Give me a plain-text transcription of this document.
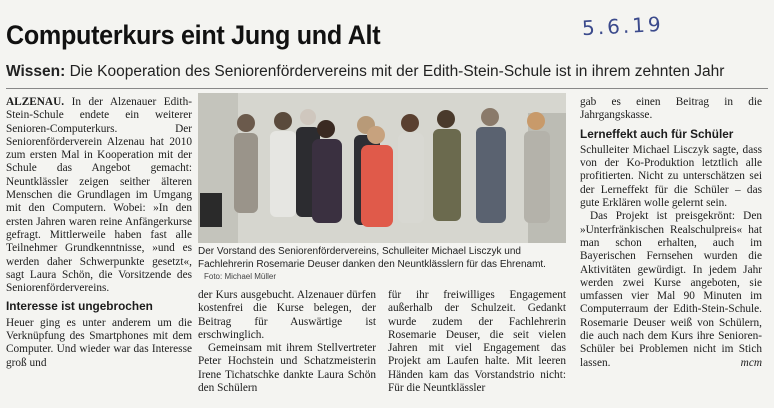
5.6.19
Computerkurs eint Jung und Alt
Wissen: Die Kooperation des Seniorenfördervereins mit der Edith-Stein-Schule ist in ihrem zehnten Jahr

ALZENAU. In der Alzenauer Edith-Stein-Schule endete ein weiterer Senioren-Computerkurs. Der Seniorenförderverein Alzenau hat 2010 zum ersten Mal in Kooperation mit der Schule das Angebot gemacht: Neuntklässler zeigen seither älteren Menschen die Grundlagen im Umgang mit den Computern. Wobei: »In den ersten Jahren waren reine Anfängerkurse gefragt. Mittlerweile haben fast alle Teilnehmer Grundkenntnisse, »und es werden daher Schwerpunkte gesetzt«, sagt Laura Schön, die Vorsitzende des Seniorenfördervereins.

Interesse ist ungebrochen

Heuer ging es unter anderem um die Verknüpfung des Smartphones mit dem Computer. Und wieder war das Interesse groß und

Der Vorstand des Seniorenfördervereins, Schulleiter Michael Lisczyk und Fachlehrerin Rosemarie Deuser danken den Neuntklässlern für das Ehrenamt. Foto: Michael Müller

der Kurs ausgebucht. Alzenauer dürfen kostenfrei die Kurse belegen, der Beitrag für Auswärtige ist erschwinglich.

Gemeinsam mit ihrem Stellvertreter Peter Hochstein und Schatzmeisterin Irene Tichatschke dankte Laura Schön den Schülern

für ihr freiwilliges Engagement außerhalb der Schulzeit. Gedankt wurde zudem der Fachlehrerin Rosemarie Deuser, die seit vielen Jahren mit viel Engagement das Projekt am Laufen halte. Mit leeren Händen kam das Vorstandstrio nicht: Für die Neuntklässler

gab es einen Beitrag in die Jahrgangskasse.

Lerneffekt auch für Schüler

Schulleiter Michael Lisczyk sagte, dass von der Ko-Produktion letztlich alle profitierten. Nicht zu unterschätzen sei der Lerneffekt für die Schüler – das gute Erklären wolle gelernt sein.

Das Projekt ist preisgekrönt: Den »Unterfränkischen Realschulpreis« hat man schon erhalten, auch im Bayerischen Fernsehen wurden die Aktivitäten gewürdigt. In jedem Jahr werden zwei Kurse angeboten, sie umfassen vier Mal 90 Minuten im Computerraum der Edith-Stein-Schule. Rosemarie Deuser weiß von Schülern, die auch nach dem Kurs ihre Senioren-Schüler bei Problemen nicht im Stich lassen.	mcm
